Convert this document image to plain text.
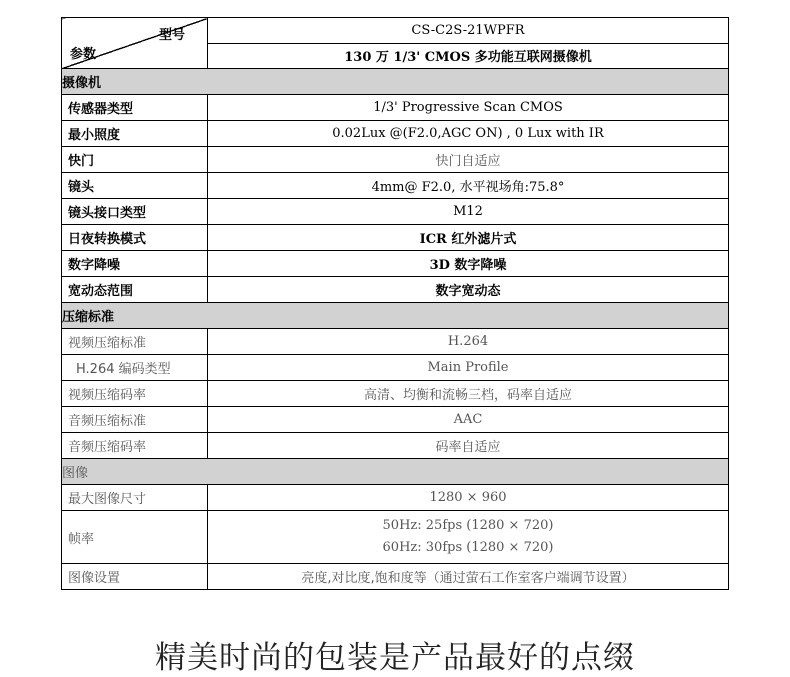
型号
参数	CS-C2S-21WPFR
	130 万 1/3' CMOS 多功能互联网摄像机
摄像机	
传感器类型	1/3' Progressive Scan CMOS
最小照度	0.02Lux @(F2.0,AGC ON) , 0 Lux with IR
快门	快门自适应
镜头	4mm@ F2.0, 水平视场角:75.8°
镜头接口类型	M12
日夜转换模式	ICR 红外滤片式
数字降噪	3D 数字降噪
宽动态范围	数字宽动态
压缩标准	
视频压缩标准	H.264
H.264 编码类型	Main Profile
视频压缩码率	高清、均衡和流畅三档，码率自适应
音频压缩标准	AAC
音频压缩码率	码率自适应
图像	
最大图像尺寸	1280 × 960
帧率	50Hz: 25fps (1280 × 720)
60Hz: 30fps (1280 × 720)

图像设置	亮度,对比度,饱和度等（通过萤石工作室客户端调节设置）
精美时尚的包装是产品最好的点缀
